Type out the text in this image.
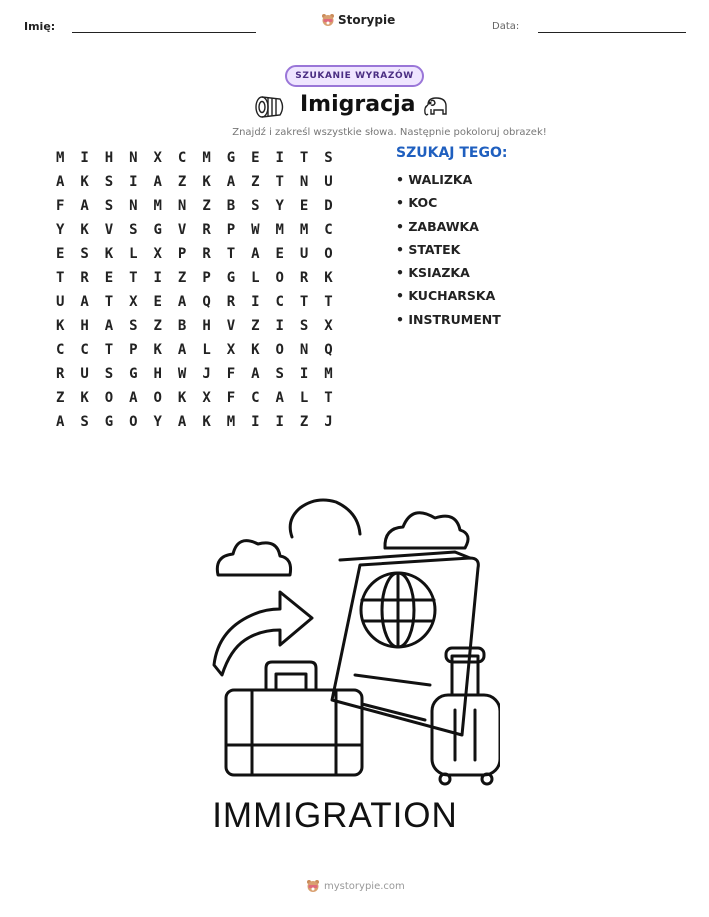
Imię:	Storypie	Data:
SZUKANIE WYRAZÓW
Imigracja
Znajdź i zakreśl wszystkie słowa. Następnie pokoloruj obrazek!
M	I	H	N	X	C	M	G	E	I	T	S
A	K	S	I	A	Z	K	A	Z	T	N	U
F	A	S	N	M	N	Z	B	S	Y	E	D
Y	K	V	S	G	V	R	P	W	M	M	C
E	S	K	L	X	P	R	T	A	E	U	O
T	R	E	T	I	Z	P	G	L	O	R	K
U	A	T	X	E	A	Q	R	I	C	T	T
K	H	A	S	Z	B	H	V	Z	I	S	X
C	C	T	P	K	A	L	X	K	O	N	Q
R	U	S	G	H	W	J	F	A	S	I	M
Z	K	O	A	O	K	X	F	C	A	L	T
A	S	G	O	Y	A	K	M	I	I	Z	J
SZUKAJ TEGO:
• WALIZKA
• KOC
• ZABAWKA
• STATEK
• KSIAZKA
• KUCHARSKA
• INSTRUMENT
IMMIGRATION
mystorypie.com
